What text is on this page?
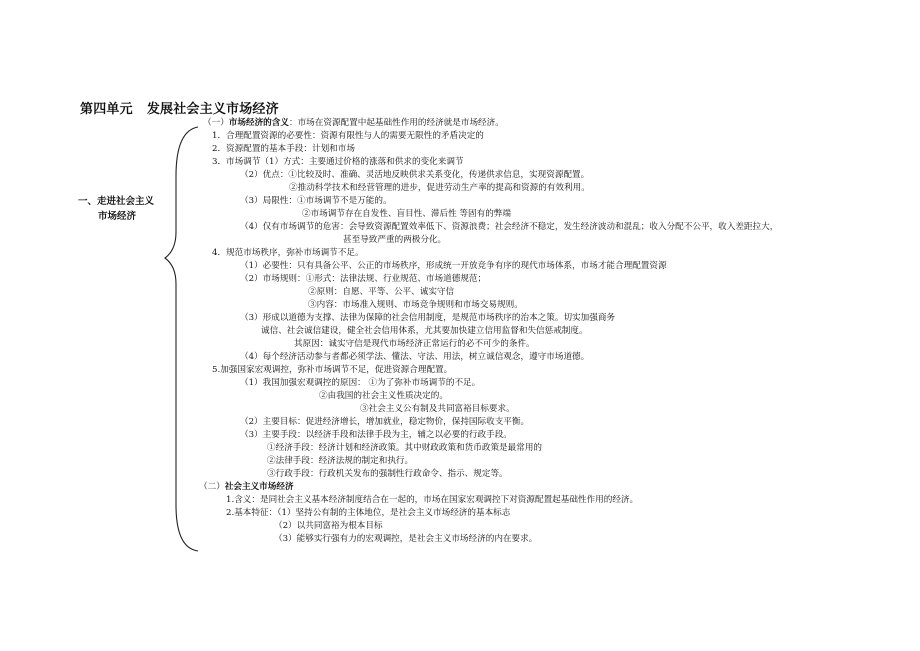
第四单元 发展社会主义市场经济
一、走进社会主义
市场经济
（一）市场经济的含义：市场在资源配置中起基础性作用的经济就是市场经济。
1．合理配置资源的必要性：资源有限性与人的需要无限性的矛盾决定的
2．资源配置的基本手段：计划和市场
3．市场调节（1）方式：主要通过价格的涨落和供求的变化来调节
（2）优点：①比较及时、准确、灵活地反映供求关系变化，传递供求信息，实现资源配置。
②推动科学技术和经营管理的进步，促进劳动生产率的提高和资源的有效利用。
（3）局限性：①市场调节不是万能的。
②市场调节存在自发性、盲目性、滞后性 等固有的弊端
（4）仅有市场调节的危害：会导致资源配置效率低下、资源浪费；社会经济不稳定，发生经济波动和混乱；收入分配不公平，收入差距拉大，
甚至导致严重的两极分化。
4．规范市场秩序，弥补市场调节不足。
（1）必要性：只有具备公平、公正的市场秩序，形成统一开放竞争有序的现代市场体系，市场才能合理配置资源
（2）市场规则：①形式：法律法规、行业规范、市场道德规范；
②原则：自愿、平等、公平、诚实守信
③内容：市场准入规则、市场竞争规则和市场交易规则。
（3）形成以道德为支撑、法律为保障的社会信用制度，是规范市场秩序的治本之策。切实加强商务
诚信、社会诚信建设，健全社会信用体系，尤其要加快建立信用监督和失信惩戒制度。
其原因：诚实守信是现代市场经济正常运行的必不可少的条件。
（4）每个经济活动参与者都必须学法、懂法、守法、用法，树立诚信观念，遵守市场道德。
5.加强国家宏观调控，弥补市场调节不足，促进资源合理配置。
（1）我国加强宏观调控的原因： ①为了弥补市场调节的不足。
②由我国的社会主义性质决定的。
③社会主义公有制及共同富裕目标要求。
（2）主要目标：促进经济增长，增加就业，稳定物价，保持国际收支平衡。
（3）主要手段：以经济手段和法律手段为主，辅之以必要的行政手段。
①经济手段：经济计划和经济政策。其中财政政策和货币政策是最常用的
②法律手段：经济法规的制定和执行。
③行政手段：行政机关发布的强制性行政命令、指示、规定等。
（二）社会主义市场经济
1.含义：是同社会主义基本经济制度结合在一起的，市场在国家宏观调控下对资源配置起基础性作用的经济。
2.基本特征：（1）坚持公有制的主体地位，是社会主义市场经济的基本标志
（2）以共同富裕为根本目标
（3）能够实行强有力的宏观调控，是社会主义市场经济的内在要求。
